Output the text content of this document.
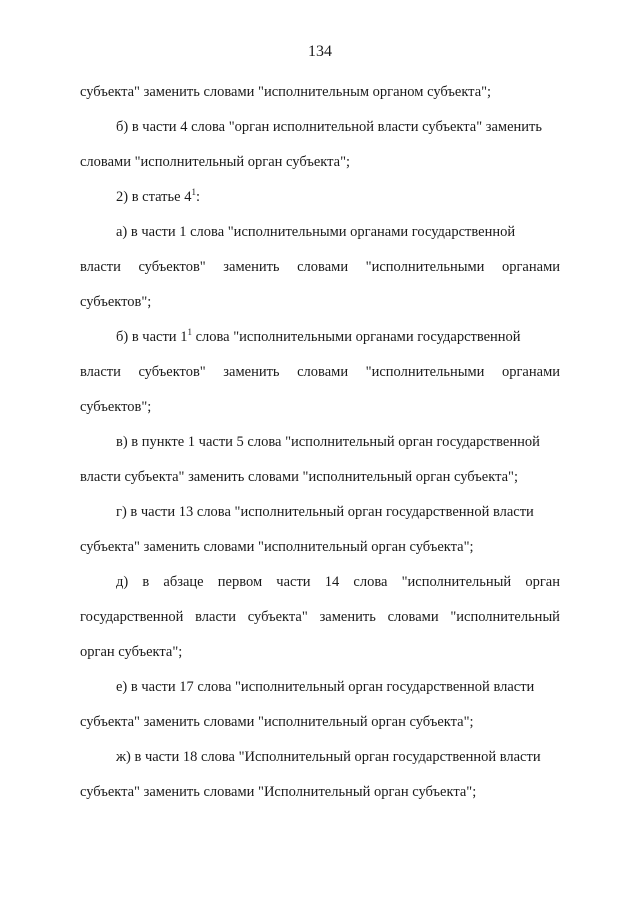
134
субъекта" заменить словами "исполнительным органом субъекта";
б) в части 4 слова "орган исполнительной власти субъекта" заменить
словами "исполнительный орган субъекта";
2) в статье $4^1$:
а) в части 1 слова "исполнительными органами государственной
власти субъектов" заменить словами "исполнительными органами
субъектов";
б) в части $1^1$ слова "исполнительными органами государственной
власти субъектов" заменить словами "исполнительными органами
субъектов";
в) в пункте 1 части 5 слова "исполнительный орган государственной
власти субъекта" заменить словами "исполнительный орган субъекта";
г) в части 13 слова "исполнительный орган государственной власти
субъекта" заменить словами "исполнительный орган субъекта";
д) в абзаце первом части 14 слова "исполнительный орган
государственной власти субъекта" заменить словами "исполнительный
орган субъекта";
е) в части 17 слова "исполнительный орган государственной власти
субъекта" заменить словами "исполнительный орган субъекта";
ж) в части 18 слова "Исполнительный орган государственной власти
субъекта" заменить словами "Исполнительный орган субъекта";
